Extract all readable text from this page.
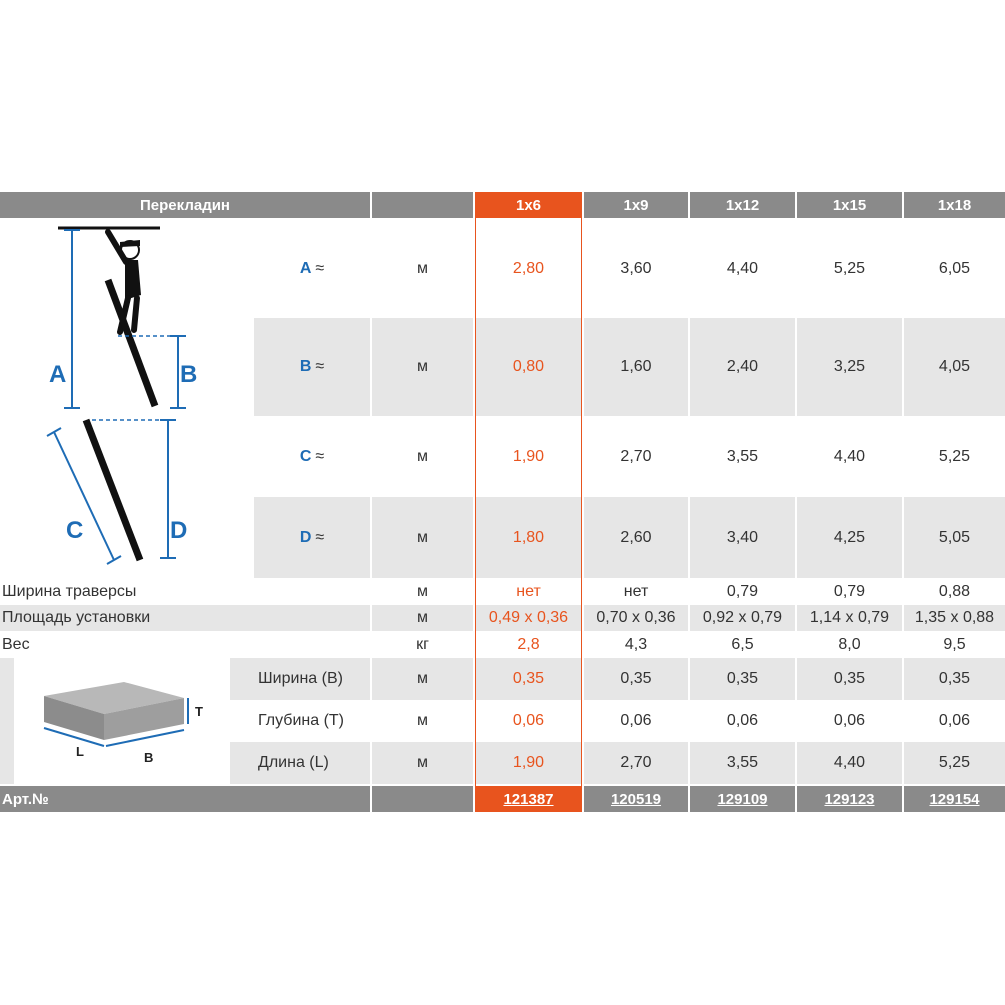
Перекладин	1x6	1x9	1x12	1x15	1x18
A	B
C	D
T
L	B
A ≈	м	2,80	3,60	4,40	5,25	6,05
B ≈	м	0,80	1,60	2,40	3,25	4,05
C ≈	м	1,90	2,70	3,55	4,40	5,25
D ≈	м	1,80	2,60	3,40	4,25	5,05
Ширина траверсы	м	нет	нет	0,79	0,79	0,88
Площадь установки	м	0,49 x 0,36	0,70 x 0,36	0,92 x 0,79	1,14 x 0,79	1,35 x 0,88
Вес	кг	2,8	4,3	6,5	8,0	9,5
Ширина (B)	м	0,35	0,35	0,35	0,35	0,35
Глубина (T)	м	0,06	0,06	0,06	0,06	0,06
Длина (L)	м	1,90	2,70	3,55	4,40	5,25
Арт.№	121387	120519	129109	129123	129154
